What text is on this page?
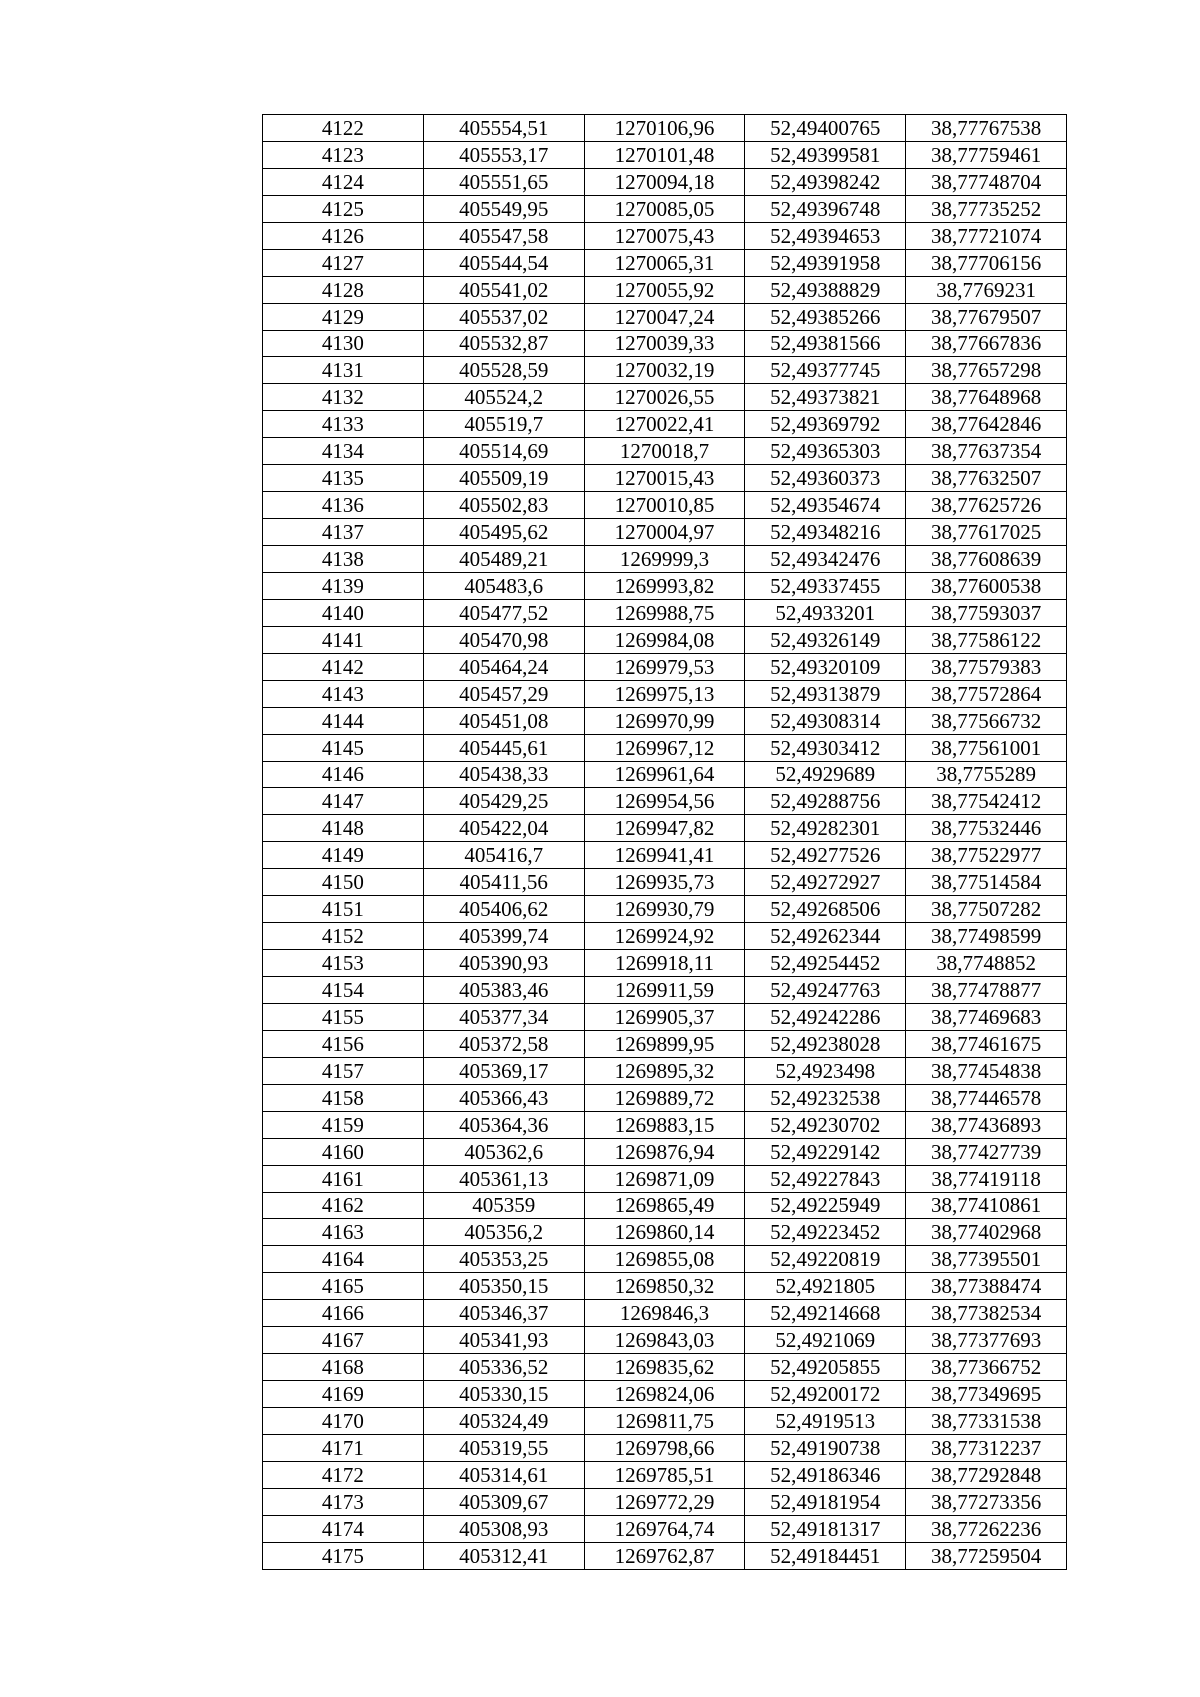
4122	405554,51	1270106,96	52,49400765	38,77767538
4123	405553,17	1270101,48	52,49399581	38,77759461
4124	405551,65	1270094,18	52,49398242	38,77748704
4125	405549,95	1270085,05	52,49396748	38,77735252
4126	405547,58	1270075,43	52,49394653	38,77721074
4127	405544,54	1270065,31	52,49391958	38,77706156
4128	405541,02	1270055,92	52,49388829	38,7769231
4129	405537,02	1270047,24	52,49385266	38,77679507
4130	405532,87	1270039,33	52,49381566	38,77667836
4131	405528,59	1270032,19	52,49377745	38,77657298
4132	405524,2	1270026,55	52,49373821	38,77648968
4133	405519,7	1270022,41	52,49369792	38,77642846
4134	405514,69	1270018,7	52,49365303	38,77637354
4135	405509,19	1270015,43	52,49360373	38,77632507
4136	405502,83	1270010,85	52,49354674	38,77625726
4137	405495,62	1270004,97	52,49348216	38,77617025
4138	405489,21	1269999,3	52,49342476	38,77608639
4139	405483,6	1269993,82	52,49337455	38,77600538
4140	405477,52	1269988,75	52,4933201	38,77593037
4141	405470,98	1269984,08	52,49326149	38,77586122
4142	405464,24	1269979,53	52,49320109	38,77579383
4143	405457,29	1269975,13	52,49313879	38,77572864
4144	405451,08	1269970,99	52,49308314	38,77566732
4145	405445,61	1269967,12	52,49303412	38,77561001
4146	405438,33	1269961,64	52,4929689	38,7755289
4147	405429,25	1269954,56	52,49288756	38,77542412
4148	405422,04	1269947,82	52,49282301	38,77532446
4149	405416,7	1269941,41	52,49277526	38,77522977
4150	405411,56	1269935,73	52,49272927	38,77514584
4151	405406,62	1269930,79	52,49268506	38,77507282
4152	405399,74	1269924,92	52,49262344	38,77498599
4153	405390,93	1269918,11	52,49254452	38,7748852
4154	405383,46	1269911,59	52,49247763	38,77478877
4155	405377,34	1269905,37	52,49242286	38,77469683
4156	405372,58	1269899,95	52,49238028	38,77461675
4157	405369,17	1269895,32	52,4923498	38,77454838
4158	405366,43	1269889,72	52,49232538	38,77446578
4159	405364,36	1269883,15	52,49230702	38,77436893
4160	405362,6	1269876,94	52,49229142	38,77427739
4161	405361,13	1269871,09	52,49227843	38,77419118
4162	405359	1269865,49	52,49225949	38,77410861
4163	405356,2	1269860,14	52,49223452	38,77402968
4164	405353,25	1269855,08	52,49220819	38,77395501
4165	405350,15	1269850,32	52,4921805	38,77388474
4166	405346,37	1269846,3	52,49214668	38,77382534
4167	405341,93	1269843,03	52,4921069	38,77377693
4168	405336,52	1269835,62	52,49205855	38,77366752
4169	405330,15	1269824,06	52,49200172	38,77349695
4170	405324,49	1269811,75	52,4919513	38,77331538
4171	405319,55	1269798,66	52,49190738	38,77312237
4172	405314,61	1269785,51	52,49186346	38,77292848
4173	405309,67	1269772,29	52,49181954	38,77273356
4174	405308,93	1269764,74	52,49181317	38,77262236
4175	405312,41	1269762,87	52,49184451	38,77259504
